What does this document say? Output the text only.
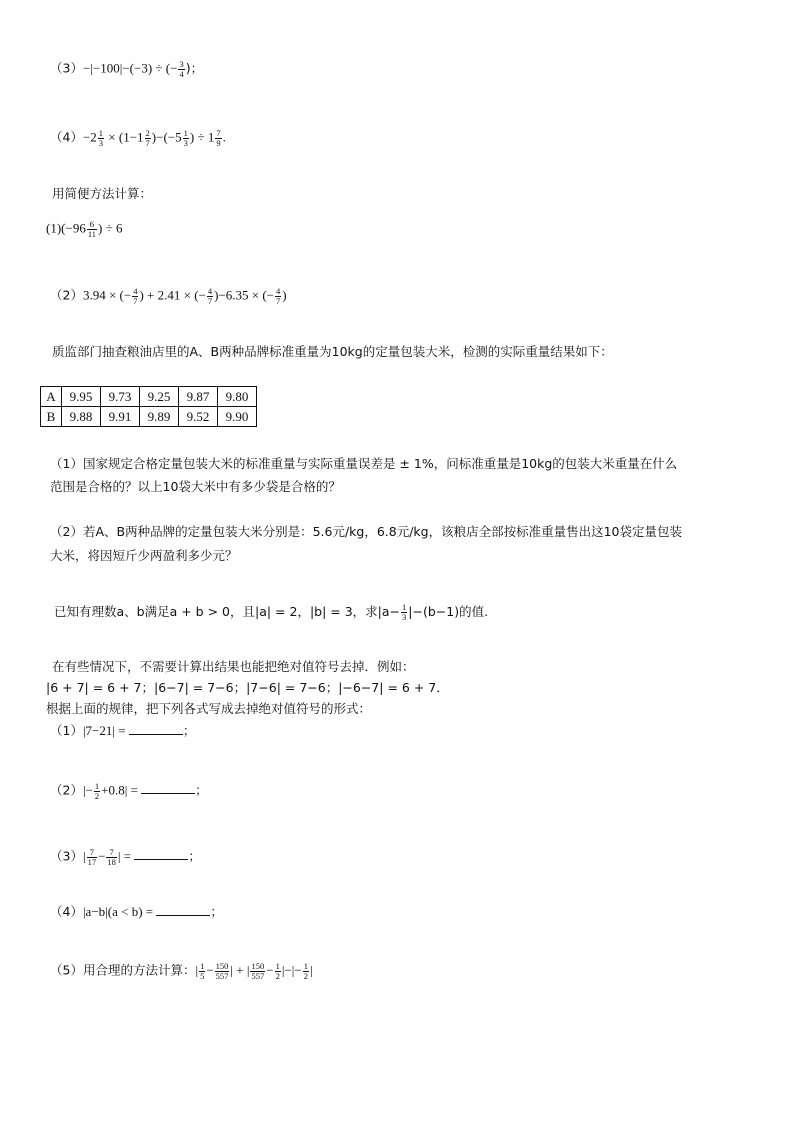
（3）−|−100|−(−3) ÷ (− $\frac{3}{4}$ )；
$(4)-2 \frac{1}{3} \times (1-1 \frac{2}{7} )-(-5 \frac{1}{3}$ ) ÷ $1 \frac{7}{9}$ .
用简便方法计算：
$(1)(-96 \frac{6}{11}$ ) ÷ 6
（2）3.94 × (− $\frac{4}{7}$ ) + 2.41 × (− $\frac{4}{7} )-6.35$ × (− $\frac{4}{7}$ )
质监部门抽查粮油店里的A、B两种品牌标准重量为10kg的定量包装大米，检测的实际重量结果如下：
A	9.95	9.73	9.25	9.87	9.80
B	9.88	9.91	9.89	9.52	9.90
（1）国家规定合格定量包装大米的标准重量与实际重量误差是 ± 1%，问标准重量是10kg的包装大米重量在什么
范围是合格的？以上10袋大米中有多少袋是合格的？
（2）若A、B两种品牌的定量包装大米分别是：5.6元/kg，6.8元/kg，该粮店全部按标准重量售出这10袋定量包装
大米，将因短斤少两盈利多少元？
已知有理数a、b满足a + b > 0，且|a| = 2，|b| = 3，求$|a- \frac{1}{3} |-(b-1)$的值.
在有些情况下，不需要计算出结果也能把绝对值符号去掉．例如：
|6 + 7| = 6 + 7；|6−7| = 7−6；|7−6| = 7−6；|−6−7| = 6 + 7．
根据上面的规律，把下列各式写成去掉绝对值符号的形式：
（1）|7−21| =	；
$(2)|- \frac{1}{2} +0.8|$ =	；
$(3)| \frac{7}{17} - \frac{7}{18}$ | =	；
（4）|a−b|(a < b) =	；
（5）用合理的方法计算：| $\frac{1}{5} - \frac{150}{557}$ | + | $\frac{150}{557} - \frac{1}{2}$ |−|− $\frac{1}{2}$ |
